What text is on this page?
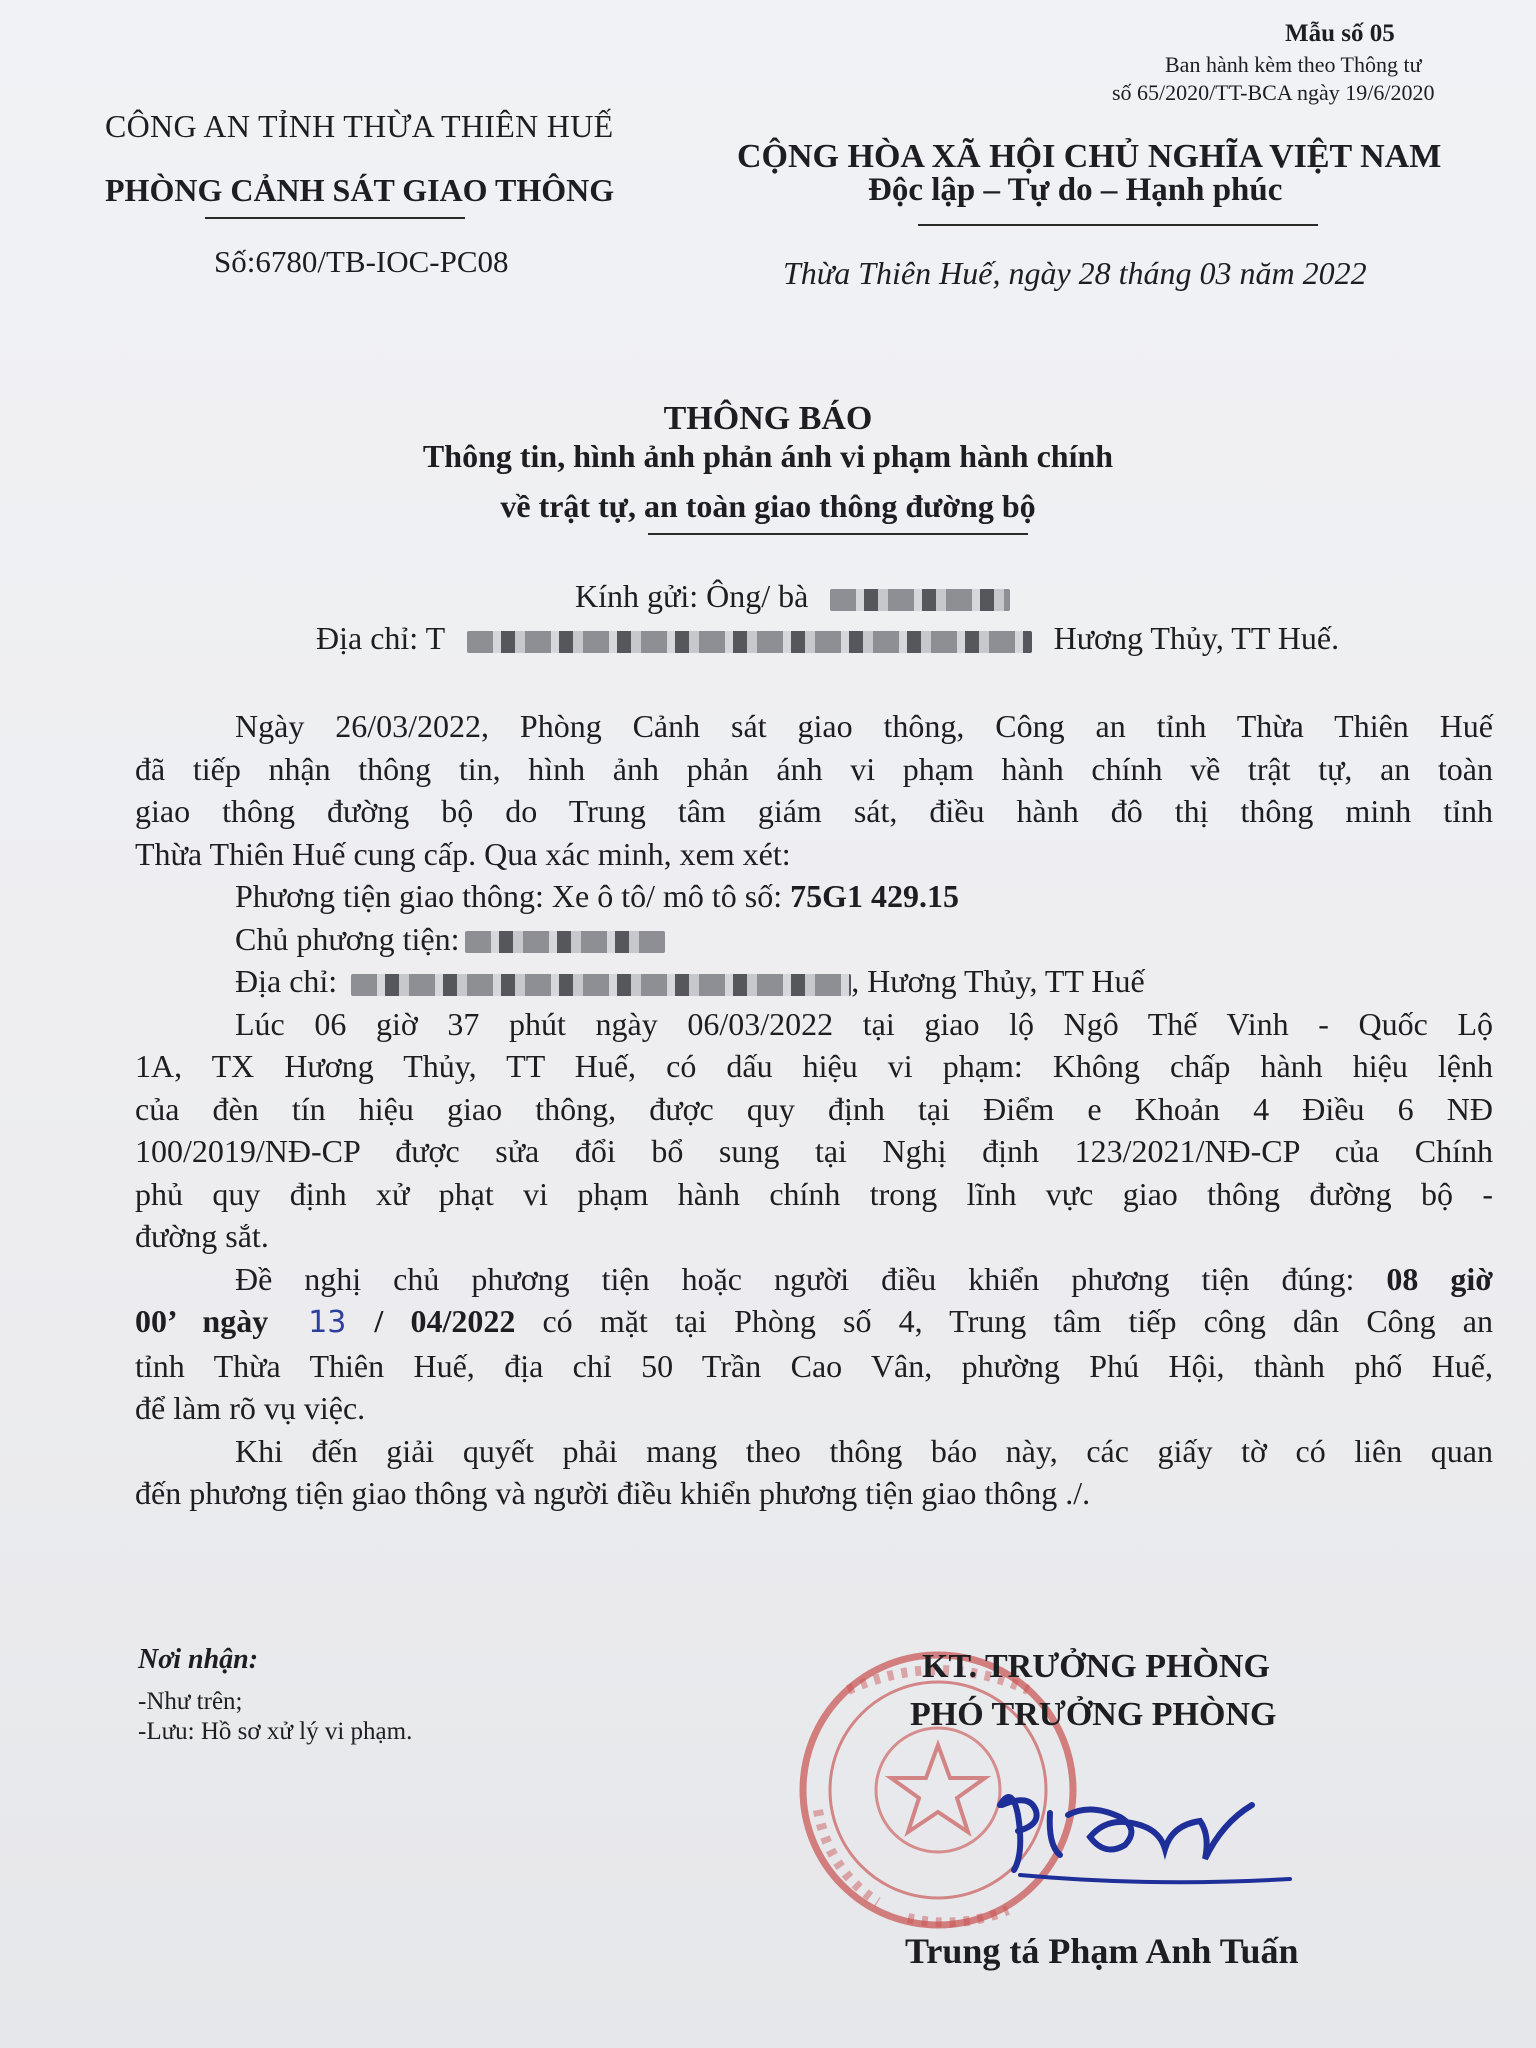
Mẫu số 05
Ban hành kèm theo Thông tư
số 65/2020/TT-BCA ngày 19/6/2020
CÔNG AN TỈNH THỪA THIÊN HUẾ
PHÒNG CẢNH SÁT GIAO THÔNG
Số:6780/TB-IOC-PC08
CỘNG HÒA XÃ HỘI CHỦ NGHĨA VIỆT NAM
Độc lập – Tự do – Hạnh phúc
Thừa Thiên Huế, ngày 28 tháng 03 năm 2022
THÔNG BÁO
Thông tin, hình ảnh phản ánh vi phạm hành chính
về trật tự, an toàn giao thông đường bộ
Kính gửi: Ông/ bà
Địa chỉ: T	Hương Thủy, TT Huế.

Ngày 26/03/2022, Phòng Cảnh sát giao thông, Công an tỉnh Thừa Thiên Huế

đã tiếp nhận thông tin, hình ảnh phản ánh vi phạm hành chính về trật tự, an toàn

giao thông đường bộ do Trung tâm giám sát, điều hành đô thị thông minh tỉnh

Thừa Thiên Huế cung cấp. Qua xác minh, xem xét:

Phương tiện giao thông: Xe ô tô/ mô tô số: 75G1 429.15

Chủ phương tiện:

Địa chỉ:	, Hương Thủy, TT Huế

Lúc 06 giờ 37 phút ngày 06/03/2022 tại giao lộ Ngô Thế Vinh - Quốc Lộ

1A, TX Hương Thủy, TT Huế, có dấu hiệu vi phạm: Không chấp hành hiệu lệnh

của đèn tín hiệu giao thông, được quy định tại Điểm e Khoản 4 Điều 6 NĐ

100/2019/NĐ-CP được sửa đổi bổ sung tại Nghị định 123/2021/NĐ-CP của Chính

phủ quy định xử phạt vi phạm hành chính trong lĩnh vực giao thông đường bộ -

đường sắt.

Đề nghị chủ phương tiện hoặc người điều khiển phương tiện đúng: 08 giờ

00’ ngày 13 / 04/2022 có mặt tại Phòng số 4, Trung tâm tiếp công dân Công an

tỉnh Thừa Thiên Huế, địa chỉ 50 Trần Cao Vân, phường Phú Hội, thành phố Huế,

để làm rõ vụ việc.

Khi đến giải quyết phải mang theo thông báo này, các giấy tờ có liên quan

đến phương tiện giao thông và người điều khiển phương tiện giao thông ./.

Nơi nhận:
-Như trên;
-Lưu: Hồ sơ xử lý vi phạm.
KT. TRƯỞNG PHÒNG
PHÓ TRƯỞNG PHÒNG
Trung tá Phạm Anh Tuấn
